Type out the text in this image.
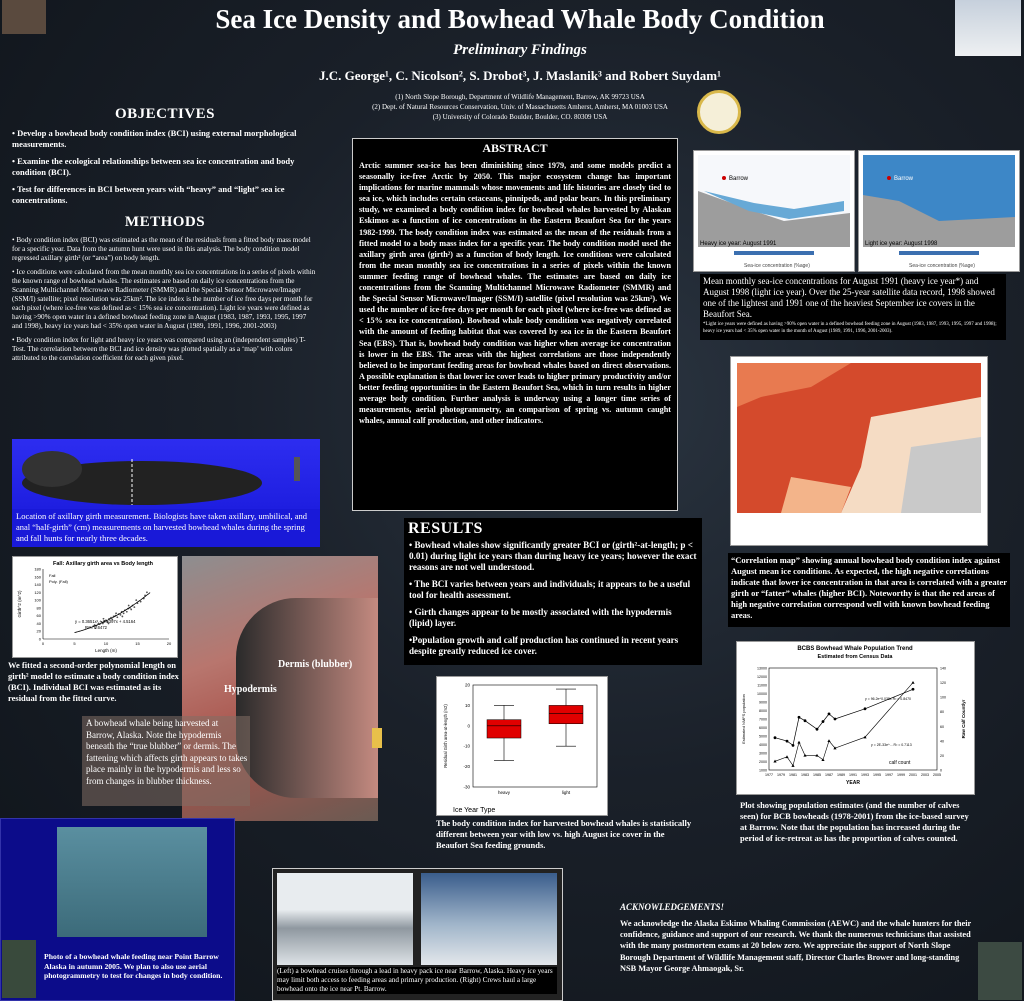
Sea Ice Density and Bowhead Whale Body Condition
Preliminary Findings
J.C. George¹, C. Nicolson², S. Drobot³, J. Maslanik³ and Robert Suydam¹
(1) North Slope Borough, Department of Wildlife Management, Barrow, AK 99723 USA
(2) Dept. of Natural Resources Conservation, Univ. of Massachusetts Amherst, Amherst, MA 01003 USA
(3) University of Colorado Boulder, Boulder, CO. 80309 USA
OBJECTIVES

• Develop a bowhead body condition index (BCI) using external morphological measurements.

• Examine the ecological relationships between sea ice concentration and body condition (BCI).

• Test for differences in BCI between years with “heavy” and “light” sea ice concentrations.

METHODS

• Body condition index (BCI) was estimated as the mean of the residuals from a fitted body mass model for a specific year. Data from the autumn hunt were used in this analysis. The body condition model regressed axillary girth² (or “area”) on body length.

• Ice conditions were calculated from the mean monthly sea ice concentrations in a series of pixels within the known range of bowhead whales. The estimates are based on daily ice concentrations from the Scanning Multichannel Microwave Radiometer (SMMR) and the Special Sensor Microwave/Imager (SSM/I) satellite; pixel resolution was 25km². The ice index is the number of ice free days per month for each pixel (where ice-free was defined as < 15% sea ice concentration). Light ice years were defined as having >90% open water in a defined bowhead feeding zone in August (1983, 1987, 1993, 1995, 1997 and 1998), heavy ice years had < 35% open water in August (1989, 1991, 1996, 2001-2003)

• Body condition index for light and heavy ice years was compared using an (independent samples) T-Test. The correlation between the BCI and ice density was plotted spatially as a ‘map’ with colors attributed to the correlation coefficient for each given pixel.

Location of axillary girth measurement. Biologists have taken axillary, umbilical, and anal “half-girth” (cm) measurements on harvested bowhead whales during the spring and fall hunts for nearly three decades.
Fall: Axillary girth area vs Body length
0
20
40
60
80
100
120
140
160
180
0	5	10	15	20
Length (m)
Girth^2 (m^2)
Fall
Poly. (Fall)
y = 0.3651x² + 0.5397x + 4.5164
R² = 0.6472
We fitted a second-order polynomial length on girth² model to estimate a body condition index (BCI). Individual BCI was estimated as its residual from the fitted curve.
Dermis (blubber)
Hypodermis
A bowhead whale being harvested at Barrow, Alaska. Note the hypodermis beneath the “true blubber” or dermis. The fattening which affects girth appears to takes place mainly in the hypodermis and less so from changes in blubber thickness.
Photo of a bowhead whale feeding near Point Barrow Alaska in autumn 2005. We plan to also use aerial photogrammetry to test for changes in body condition.
ABSTRACT
Arctic summer sea-ice has been diminishing since 1979, and some models predict a seasonally ice-free Arctic by 2050. This major ecosystem change has important implications for marine mammals whose movements and life histories are closely tied to sea ice, which includes certain cetaceans, pinnipeds, and polar bears. In this preliminary study, we examined a body condition index for bowhead whales harvested by Alaskan Eskimos as a function of ice concentrations in the Eastern Beaufort Sea for the years 1982-1999. The body condition index was estimated as the mean of the residuals from a fitted model to a body mass index for a specific year. The body condition model used the axillary girth area (girth²) as a function of body length. Ice conditions were calculated from the mean monthly sea ice concentrations in a series of pixels within the known summer feeding range of bowhead whales. The estimates are based on daily ice concentrations from the Scanning Multichannel Microwave Radiometer (SMMR) and the Special Sensor Microwave/Imager (SSM/I) satellite (pixel resolution was 25km²). We used the number of ice-free days per month for each pixel (where ice-free was defined as < 15% sea ice concentration). Bowhead whale body condition was negatively correlated with the amount of feeding habitat that was covered by sea ice in the Eastern Beaufort Sea (EBS). That is, bowhead body condition was higher when average ice concentration is lower in the EBS. The areas with the highest correlations are those independently believed to be important feeding areas for bowhead whales based on direct observations. A possible explanation is that lower ice cover leads to higher primary productivity and/or better feeding opportunities in the Eastern Beaufort Sea, which in turn results in higher average body condition. Further analysis is underway using a longer time series of measurements, aerial photogrammetry, an comparison of spring vs. autumn caught whales, annual calf production, and other indicators.
RESULTS

• Bowhead whales show significantly greater BCI or (girth²-at-length; p < 0.01) during light ice years than during heavy ice years; however the exact reasons are not well understood.

• The BCI varies between years and individuals; it appears to be a useful tool for health assessment.

• Girth changes appear to be mostly associated with the hypodermis (lipid) layer.

•Population growth and calf production has continued in recent years despite greatly reduced ice cover.

-30
-20
-10
0
10
20
Residual Girth area-at-length (m2)
heavy	light
Ice Year Type
The body condition index for harvested bowhead whales is statistically different between year with low vs. high August ice cover in the Beaufort Sea feeding grounds.
(Left) a bowhead cruises through a lead in heavy pack ice near Barrow, Alaska. Heavy ice years may limit both access to feeding areas and primary production. (Right) Crews haul a large bowhead onto the ice near Pt. Barrow.
Barrow
Heavy ice year: August 1991
Sea-ice concentration (%age)
Barrow
Light ice year: August 1998
Sea-ice concentration (%age)
Mean monthly sea-ice concentrations for August 1991 (heavy ice year*) and August 1998 (light ice year). Over the 25-year satellite data record, 1998 showed one of the lightest and 1991 one of the heaviest September ice covers in the Beaufort Sea.
*Light ice years were defined as having >90% open water in a defined bowhead feeding zone in August (1983, 1987, 1993, 1995, 1997 and 1998); heavy ice years had < 35% open water in the month of August (1989, 1991, 1996, 2001-2003).
“Correlation map” showing annual bowhead body condition index against August mean ice conditions. As expected, the high negative correlations indicate that lower ice concentration in that area is correlated with a greater girth or “fatter” whales (higher BCI). Noteworthy is that the red areas of high negative correlation correspond well with known bowhead feeding areas.
BCBS Bowhead Whale Population Trend
Estimated from Census Data
1000
2000
3000
4000
5000
6000
7000
8000
9000
10000
11000
12000
13000
0
20
40
60
80
100
120
140
1977 1979 1981 1983 1985 1987 1989 1991 1993 1995 1997 1999 2001 2003 2005
YEAR
Estimated NMFS population	Raw Calf Count/yr
y = 96.2e^0.035x R² = 0.8470
y = 2E-33e^... R² = 0.7113
calf count
Plot showing population estimates (and the number of calves seen) for BCB bowheads (1978-2001) from the ice-based survey at Barrow. Note that the population has increased during the period of ice-retreat as has the proportion of calves counted.
ACKNOWLEDGEMENTS!
We acknowledge the Alaska Eskimo Whaling Commission (AEWC) and the whale hunters for their confidence, guidance and support of our research. We thank the numerous technicians that assisted with the many postmortem exams at 20 below zero. We appreciate the support of North Slope Borough Department of Wildlife Management staff, Director Charles Brower and long-standing NSB Mayor George Ahmaogak, Sr.
